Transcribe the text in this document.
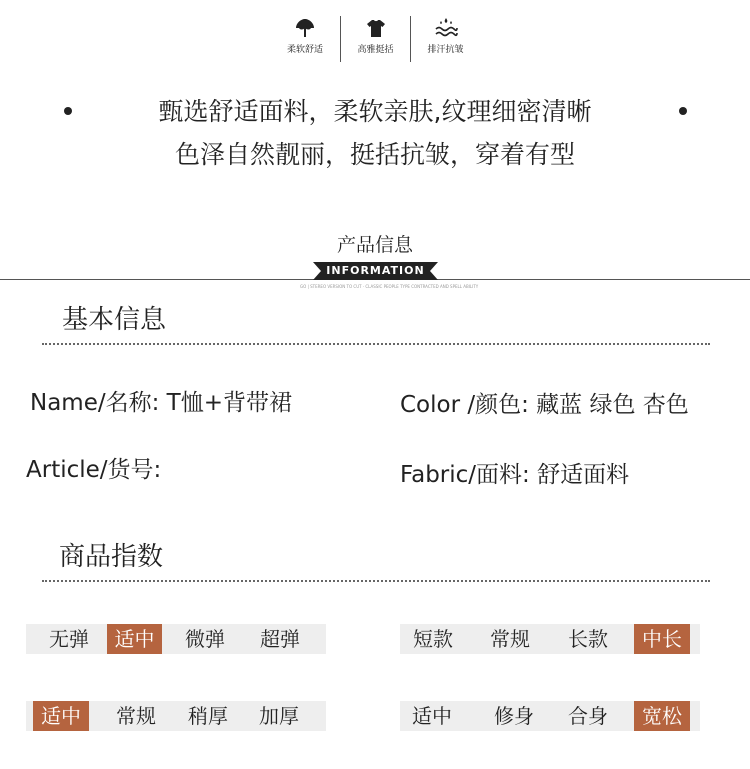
柔软舒适	高雅挺括	排汗抗皱
甄选舒适面料，柔软亲肤,纹理细密清晰
色泽自然靓丽，挺括抗皱，穿着有型
产品信息
INFORMATION
GO | STEREO VERSION TO CUT · CLASSIC PEOPLE TYPE CONTRACTED AND SPELL ABILITY
基本信息
Name/名称: T恤+背带裙	Color /颜色: 藏蓝 绿色 杏色
Article/货号:	Fabric/面料: 舒适面料
商品指数
无弹	适中	微弹	超弹	短款	常规	长款	中长
适中	常规	稍厚	加厚	适中	修身	合身	宽松
